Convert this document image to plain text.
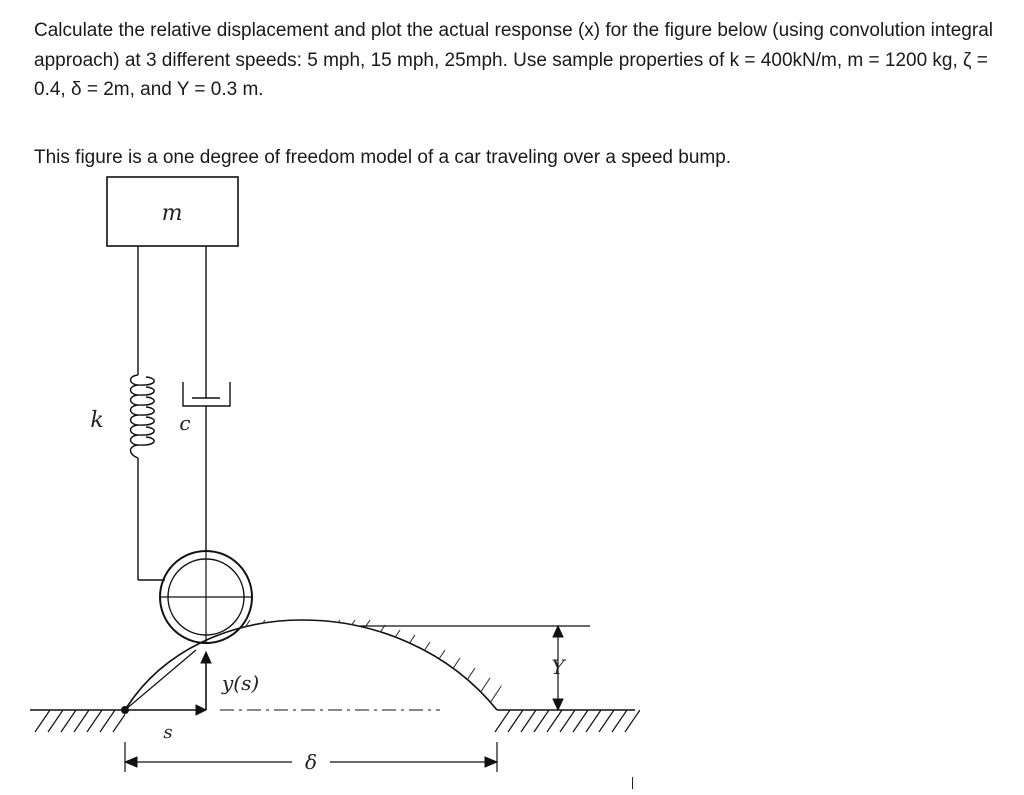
Calculate the relative displacement and plot the actual response (x) for the figure below (using convolution integral approach) at 3 different speeds: 5 mph, 15 mph, 25mph. Use sample properties of k = 400kN/m, m = 1200 kg, ζ = 0.4, δ = 2m, and Y = 0.3 m.

This figure is a one degree of freedom model of a car traveling over a speed bump.

m
k	c
s
y(s)
Y
δ
